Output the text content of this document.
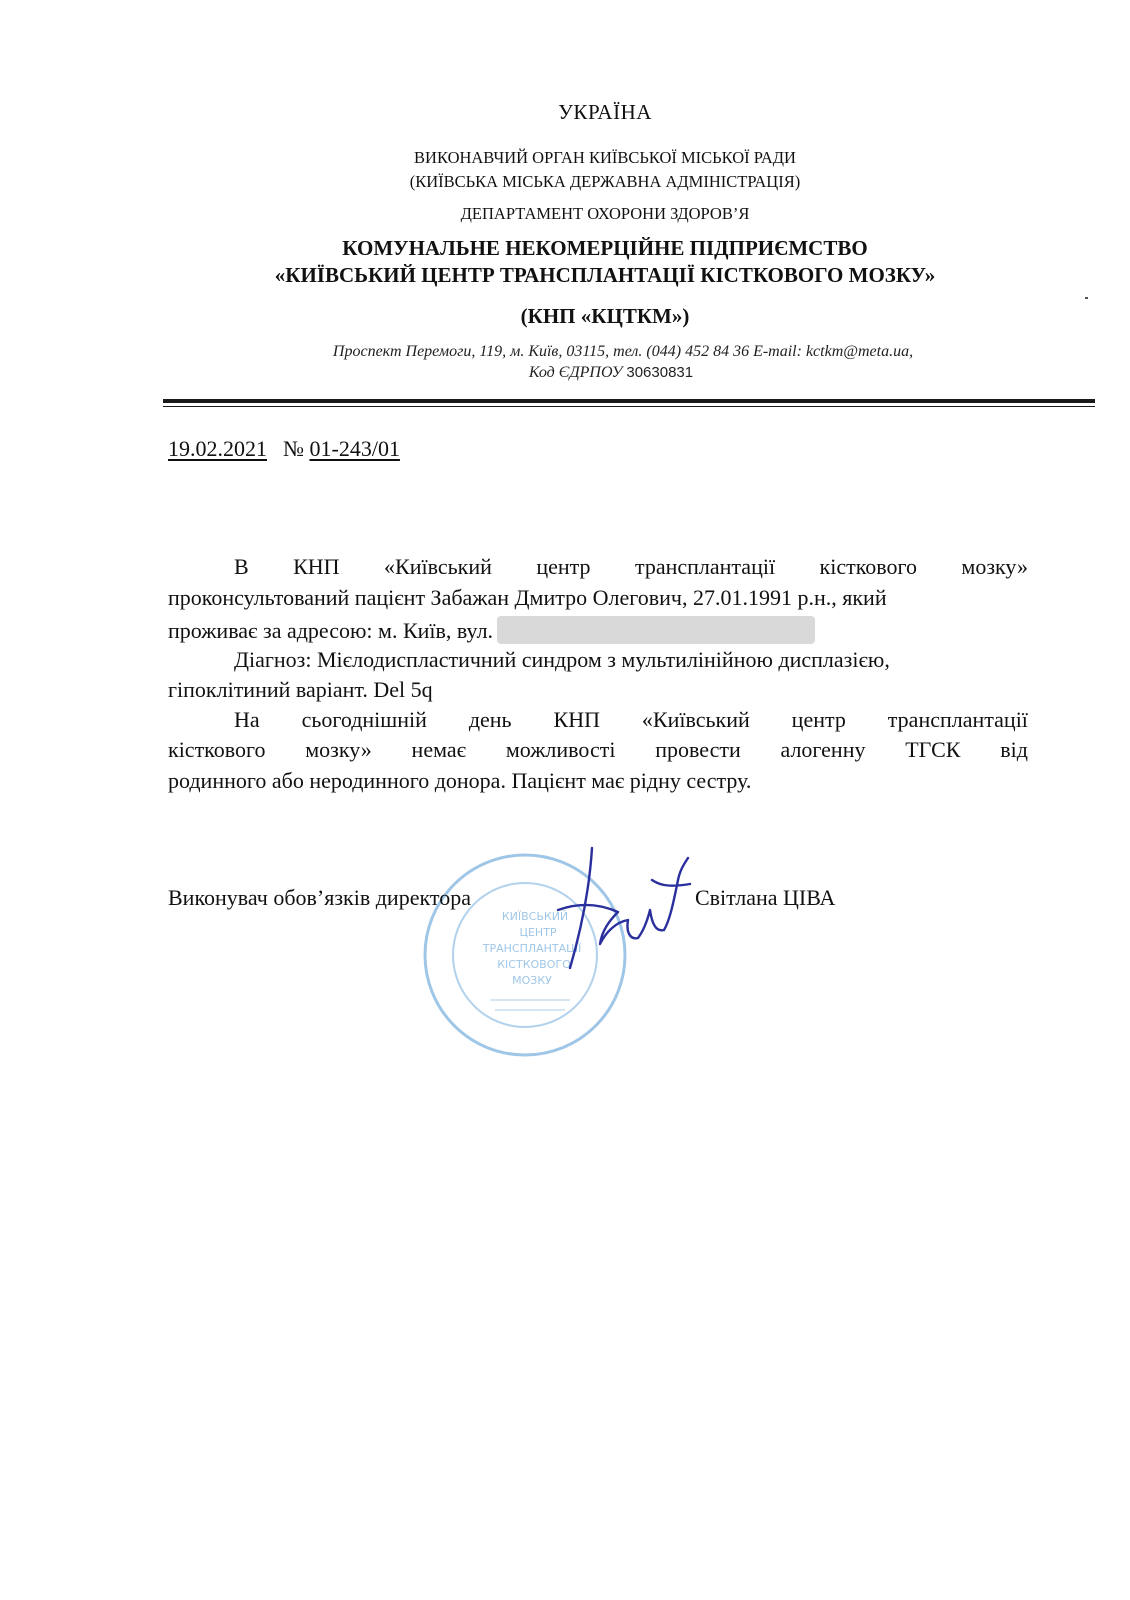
УКРАЇНА
ВИКОНАВЧИЙ ОРГАН КИЇВСЬКОЇ МІСЬКОЇ РАДИ
(КИЇВСЬКА МІСЬКА ДЕРЖАВНА АДМІНІСТРАЦІЯ)
ДЕПАРТАМЕНТ ОХОРОНИ ЗДОРОВ’Я
КОМУНАЛЬНЕ НЕКОМЕРЦІЙНЕ ПІДПРИЄМСТВО
«КИЇВСЬКИЙ ЦЕНТР ТРАНСПЛАНТАЦІЇ КІСТКОВОГО МОЗКУ»
(КНП «КЦТКМ»)
Проспект Перемоги, 119, м. Київ, 03115, тел. (044) 452 84 36 E-mail: kctkm@meta.ua,
Код ЄДРПОУ 30630831
19.02.2021 № 01-243/01
В КНП «Київський центр трансплантації кісткового мозку»
проконсультований пацієнт Забажан Дмитро Олегович, 27.01.1991 р.н., який
проживає за адресою: м. Київ, вул.
Діагноз: Мієлодиспластичний синдром з мультилінійною дисплазією,
гіпоклітиний варіант. Del 5q
На сьогоднішній день КНП «Київський центр трансплантації
кісткового мозку» немає можливості провести алогенну ТГСК від
родинного або неродинного донора. Пацієнт має рідну сестру.
КИЇВСЬКИЙ
ЦЕНТР
ТРАНСПЛАНТАЦІЇ
КІСТКОВОГО
МОЗКУ
Виконувач обов’язків директора	Світлана ЦІВА
